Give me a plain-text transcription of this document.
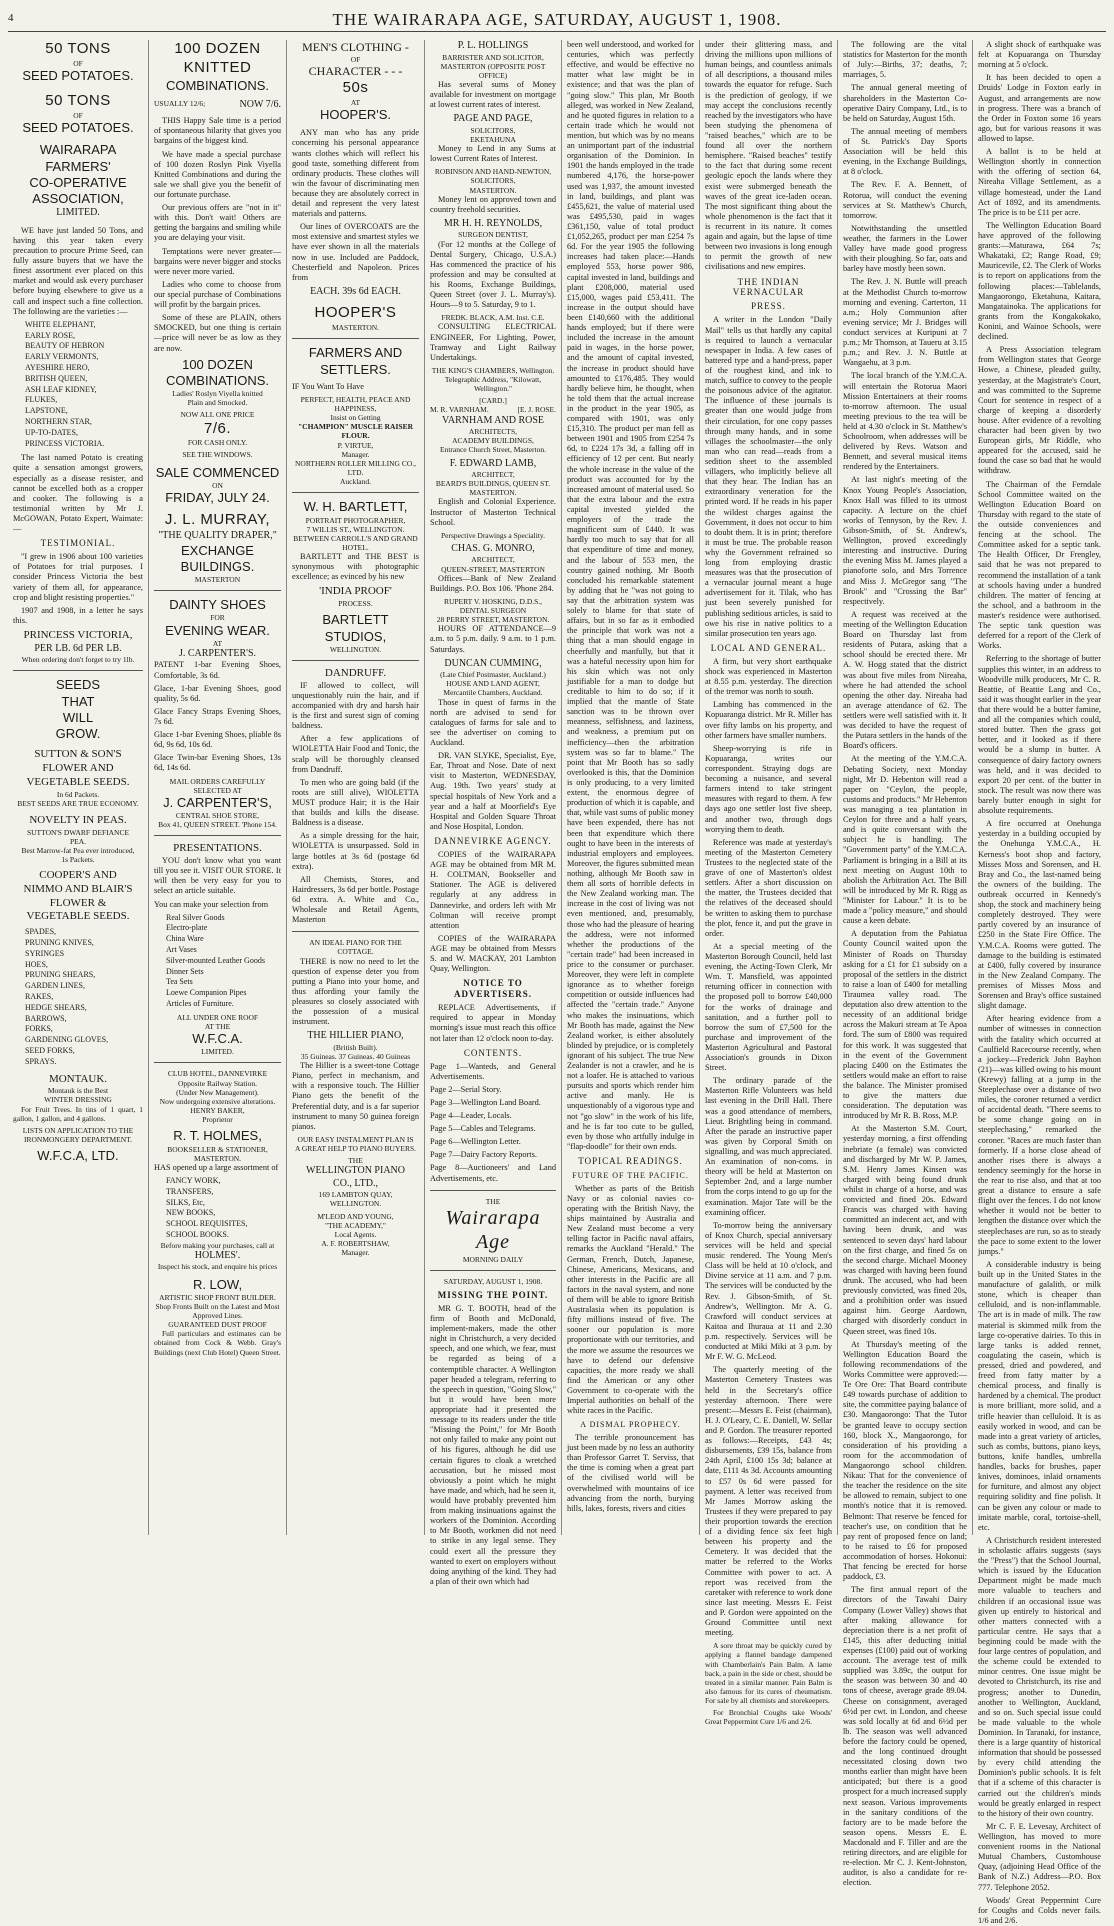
4	THE WAIRARAPA AGE, SATURDAY, AUGUST 1, 1908.
50 TONS
OF
SEED POTATOES.
50 TONS
OF
SEED POTATOES.
WAIRARAPA
FARMERS'
CO-OPERATIVE
ASSOCIATION,
LIMITED.

WE have just landed 50 Tons, and having this year taken every precaution to procure Prime Seed, can fully assure buyers that we have the finest assortment ever placed on this market and would ask every purchaser before buying elsewhere to give us a call and inspect such a fine collection. The following are the varieties :—

WHITE ELEPHANT,
EARLY ROSE,
BEAUTY OF HEBRON
EARLY VERMONTS,
AYESHIRE HERO,
BRITISH QUEEN,
ASH LEAF KIDNEY,
FLUKES,
LAPSTONE,
NORTHERN STAR,
UP-TO-DATES,
PRINCESS VICTORIA.

The last named Potato is creating quite a sensation amongst growers, especially as a disease resister, and cannot be excelled both as a cropper and cooker. The following is a testimonial written by Mr J. McGOWAN, Potato Expert, Waimate:—

TESTIMONIAL.

"I grew in 1906 about 100 varieties of Potatoes for trial purposes. I consider Princess Victoria the best variety of them all, for appearance, crop and blight resisting properties."

1907 and 1908, in a letter he says this.

PRINCESS VICTORIA,
PER LB. 6d PER LB.
When ordering don't forget to try 1lb.
SEEDS
THAT
WILL
GROW.
SUTTON & SON'S
FLOWER AND
VEGETABLE SEEDS.
In 6d Packets.
BEST SEEDS ARE TRUE ECONOMY.
NOVELTY IN PEAS.
SUTTON'S DWARF DEFIANCE
PEA.
Best Marrow-fat Pea ever introduced,
1s Packets.
COOPER'S AND
NIMMO AND BLAIR'S
FLOWER &
VEGETABLE SEEDS.
SPADES,
PRUNING KNIVES,
SYRINGES
HOES,
PRUNING SHEARS,
GARDEN LINES,
RAKES,
HEDGE SHEARS,
BARROWS,
FORKS,
GARDENING GLOVES,
SEED FORKS,
SPRAYS.
MONTAUK.
Montauk is the Best
WINTER DRESSING

For Fruit Trees. In tins of 1 quart, 1 gallon, 1 gallon, and 4 gallons.

LISTS ON APPLICATION TO THE
IRONMONGERY DEPARTMENT.
W.F.C.A, LTD.
100 DOZEN
KNITTED
COMBINATIONS.
USUALLY 12/6;	NOW 7/6.

THIS Happy Sale time is a period of spontaneous hilarity that gives you bargains of the biggest kind.

We have made a special purchase of 100 dozen Roslyn Pink Viyella Knitted Combinations and during the sale we shall give you the benefit of our fortunate purchase.

Our previous offers are "not in it" with this. Don't wait! Others are getting the bargains and smiling while you are delaying your visit.

Temptations were never greater—bargains were never bigger and stocks were never more varied.

Ladies who come to choose from our special purchase of Combinations will profit by the bargain prices.

Some of these are PLAIN, others SMOCKED, but one thing is certain—price will never be as low as they are now.

100 DOZEN
COMBINATIONS.
Ladies' Roslyn Viyella knitted
Plain and Smocked.
NOW ALL ONE PRICE
7/6.
FOR CASH ONLY.
SEE THE WINDOWS.
SALE COMMENCED
ON
FRIDAY, JULY 24.
J. L. MURRAY,
"THE QUALITY DRAPER,"
EXCHANGE
BUILDINGS.
MASTERTON
DAINTY SHOES
FOR
EVENING WEAR.
AT
J. CARPENTER'S.

PATENT 1-bar Evening Shoes, Comfortable, 3s 6d.

Glace, 1-bar Evening Shoes, good quality, 5s 6d.

Glace Fancy Straps Evening Shoes, 7s 6d.

Glace 1-bar Evening Shoes, pliable 8s 6d, 9s 6d, 10s 6d.

Glace Twin-bar Evening Shoes, 13s 6d, 14s 6d.

MAIL ORDERS CAREFULLY
SELECTED AT
J. CARPENTER'S,
CENTRAL SHOE STORE,
Box 41, QUEEN STREET. 'Phone 154.
PRESENTATIONS.

YOU don't know what you want till you see it. VISIT OUR STORE. It will then be very easy for you to select an article suitable.

You can make your selection from

Real Silver Goods
Electro-plate
China Ware
Art Vases
Silver-mounted Leather Goods
Dinner Sets
Tea Sets
Loewe Companion Pipes
Articles of Furniture.
ALL UNDER ONE ROOF
AT THE
W.F.C.A.
LIMITED.
CLUB HOTEL, DANNEVIRKE
Opposite Railway Station.
(Under New Management).
Now undergoing extensive alterations.
HENRY BAKER,
Proprietor
R. T. HOLMES,
BOOKSELLER & STATIONER,
MASTERTON.

HAS opened up a large assortment of

FANCY WORK,
TRANSFERS,
SILKS, Etc,
NEW BOOKS,
SCHOOL REQUISITES,
SCHOOL BOOKS.
Before making your purchases, call at
HOLMES'.
Inspect his stock, and enquire his prices
R. LOW,
ARTISTIC SHOP FRONT BUILDER.
Shop Fronts Built on the Latest and Most Approved Lines.
GUARANTEED DUST PROOF

Full particulars and estimates can be obtained from Cock & Webb. Gray's Buildings (next Club Hotel) Queen Street.

MEN'S CLOTHING -
OF
CHARACTER - - -
50s
AT
HOOPER'S.

ANY man who has any pride concerning his personal appearance wants clothes which will reflect his good taste, something different from ordinary products. These clothes will win the favour of discriminating men because they are absolutely correct in detail and represent the very latest materials and patterns.

Our lines of OVERCOATS are the most extensive and smartest styles we have ever shown in all the materials now in use. Included are Paddock, Chesterfield and Napoleon. Prices from

EACH. 39s 6d EACH.
HOOPER'S
MASTERTON.
FARMERS AND
SETTLERS.

IF You Want To Have

PERFECT, HEALTH, PEACE AND HAPPINESS,
Insist on Getting
"CHAMPION" MUSCLE RAISER FLOUR.
P. VIRTUE,
Manager.
NORTHERN ROLLER MILLING CO., LTD.
Auckland.
W. H. BARTLETT,
PORTRAIT PHOTOGRAPHER,
7 WILLIS ST., WELLINGTON.
BETWEEN CARROLL'S AND GRAND HOTEL.

BARTLETT and THE BEST is synonymous with photographic excellence; as evinced by his new

'INDIA PROOF'
PROCESS.
BARTLETT
STUDIOS,
WELLINGTON.
DANDRUFF.

IF allowed to collect, will unquestionably ruin the hair, and if accompanied with dry and harsh hair is the first and surest sign of coming baldness.

After a few applications of WIOLETTA Hair Food and Tonic, the scalp will be thoroughly cleansed from Dandruff.

To men who are going bald (if the roots are still alive), WIOLETTA MUST produce Hair; it is the Hair that builds and kills the disease. Baldness is a disease.

As a simple dressing for the hair, WIOLETTA is unsurpassed. Sold in large bottles at 3s 6d (postage 6d extra).

All Chemists, Stores, and Hairdressers, 3s 6d per bottle. Postage 6d extra. A. White and Co., Wholesale and Retail Agents, Masterton

AN IDEAL PIANO FOR THE COTTAGE.

THERE is now no need to let the question of expense deter you from putting a Piano into your home, and thus affording your family the pleasures so closely associated with the possession of a musical instrument.

THE HILLIER PIANO,
(British Built).
35 Guineas. 37 Guineas. 40 Guineas

The Hillier is a sweet-tone Cottage Piano, perfect in mechanism, and with a responsive touch. The Hillier Piano gets the benefit of the Preferential duty, and is a far superior instrument to many 50 guinea foreign pianos.

OUR EASY INSTALMENT PLAN IS
A GREAT HELP TO PIANO BUYERS.
THE
WELLINGTON PIANO
CO., LTD.,
169 LAMBTON QUAY,
WELLINGTON.
M'LEOD AND YOUNG,
"THE ACADEMY,"
Local Agents.
A. F. ROBERTSHAW,
Manager.
P. L. HOLLINGS
BARRISTER AND SOLICITOR,
MASTERTON (OPPOSITE POST OFFICE)

Has several sums of Money available for investment on mortgage at lowest current rates of interest.

PAGE AND PAGE,
SOLICITORS,
EKETAHUNA

Money to Lend in any Sums at lowest Current Rates of Interest.

ROBINSON AND HAND-NEWTON,
SOLICITORS,
MASTERTON.

Money lent on approved town and country freehold securities.

MR H. H. REYNOLDS,
SURGEON DENTIST,

(For 12 months at the College of Dental Surgery, Chicago, U.S.A.) Has commenced the practice of his profession and may be consulted at his Rooms, Exchange Buildings, Queen Street (over J. L. Murray's). Hours—9 to 5. Saturday, 9 to 1.

FREDK. BLACK, A.M. Inst. C.E.

CONSULTING ELECTRICAL ENGINEER, For Lighting, Power, Tramway and Light Railway Undertakings.

THE KING'S CHAMBERS, Wellington.
Telegraphic Address, "Kilowatt, Wellington."
[CARD.]
M. R. VARNHAM.	[E. J. ROSE.
VARNHAM AND ROSE
ARCHITECTS,
ACADEMY BUILDINGS,
Entrance Church Street, Masterton.
F. EDWARD LAMB,
ARCHITECT,
BEARD'S BUILDINGS, QUEEN ST.
MASTERTON.

English and Colonial Experience. Instructor of Masterton Technical School.

Perspective Drawings a Speciality.
CHAS. G. MONRO,
ARCHITECT,
QUEEN-STREET, MASTERTON

Offices—Bank of New Zealand Buildings. P.O. Box 106. 'Phone 284.

RUPERT V. HOSKING, D.D.S.,
DENTAL SURGEON
28 PERRY STREET, MASTERTON.

HOURS OF ATTENDANCE—9 a.m. to 5 p.m. daily. 9 a.m. to 1 p.m. Saturdays.

DUNCAN CUMMING,
(Late Chief Postmaster, Auckland.)
HOUSE AND LAND AGENT, Mercantile Chambers, Auckland.

Those in quest of farms in the north are advised to send for catalogues of farms for sale and to see the advertiser on coming to Auckland.

DR. VAN SLYKE, Specialist, Eye, Ear, Throat and Nose. Date of next visit to Masterton, WEDNESDAY, Aug. 19th. Two years' study at special hospitals of New York and a year and a half at Moorfield's Eye Hospital and Golden Square Throat and Nose Hospital, London.

DANNEVIRKE AGENCY.

COPIES of the WAIRARAPA AGE may be obtained from MR M. H. COLTMAN, Bookseller and Stationer. The AGE is delivered regularly at any address in Dannevirke, and orders left with Mr Coltman will receive prompt attention

COPIES of the WAIRARAPA AGE may be obtained from Messrs S. and W. MACKAY, 201 Lambton Quay, Wellington.

NOTICE TO ADVERTISERS.

REPLACE Advertisements, if required to appear in Monday morning's issue must reach this office not later than 12 o'clock noon to-day.

CONTENTS.

Page 1—Wanteds, and General Advertisements.

Page 2—Serial Story.

Page 3—Wellington Land Board.

Page 4—Leader, Locals.

Page 5—Cables and Telegrams.

Page 6—Wellington Letter.

Page 7—Dairy Factory Reports.

Page 8—Auctioneers' and Land Advertisements, etc.

THE
Wairarapa Age
MORNING DAILY
SATURDAY, AUGUST 1, 1908.
MISSING THE POINT.

MR G. T. BOOTH, head of the firm of Booth and McDonald, implement-makers, made the other night in Christchurch, a very decided speech, and one which, we fear, must be regarded as being of a contemptible character. A Wellington paper headed a telegram, referring to the speech in question, "Going Slow," but it would have been more appropriate had it presented the message to its readers under the title "Missing the Point," for Mr Booth not only failed to make any point out of his figures, although he did use certain figures to cloak a wretched accusation, but he missed most obviously a point which he might have made, and which, had he seen it, would have probably prevented him from making insinuations against the workers of the Dominion. According to Mr Booth, workmen did not need to strike in any legal sense. They could exert all the pressure they wanted to exert on employers without doing anything of the kind. They had a plan of their own which had

been well understood, and worked for centuries, which was perfectly effective, and would be effective no matter what law might be in existence; and that was the plan of "going slow." This plan, Mr Booth alleged, was worked in New Zealand, and he quoted figures in relation to a certain trade which he would not mention, but which was by no means an unimportant part of the industrial organisation of the Dominion. In 1901 the hands employed in the trade numbered 4,176, the horse-power used was 1,937, the amount invested in land, buildings, and plant was £455,621, the value of material used was £495,530, paid in wages £361,150, value of total product £1,052,265, product per man £254 7s 6d. For the year 1905 the following increases had taken place:—Hands employed 553, horse power 986, capital invested in land, buildings and plant £208,000, material used £15,000, wages paid £53,411. The increase in the output should have been £140,660 with the additional hands employed; but if there were included the increase in the amount paid in wages, in the horse power, and the amount of capital invested, the increase in product should have amounted to £176,485. They would hardly believe him, he thought, when he told them that the actual increase in the product in the year 1905, as compared with 1901, was only £15,310. The product per man fell as between 1901 and 1905 from £254 7s 6d, to £224 17s 3d, a falling off in efficiency of 12 per cent. But nearly the whole increase in the value of the product was accounted for by the increased amount of material used. So that the extra labour and the extra capital invested yielded the employers of the trade the magnificent sum of £440. It was hardly too much to say that for all that expenditure of time and money, and the labour of 553 men, the country gained nothing. Mr Booth concluded his remarkable statement by adding that he "was not going to say that the arbitration system was solely to blame for that state of affairs, but in so far as it embodied the principle that work was not a thing that a man should engage in cheerfully and manfully, but that it was a hateful necessity upon him for his skin which was not only justifiable for a man to dodge but creditable to him to do so; if it implied that the mantle of State sanction was to be thrown over meanness, selfishness, and laziness, and weakness, a premium put on inefficiency—then the arbitration system was so far to blame." The point that Mr Booth has so sadly overlooked is this, that the Dominion is only producing, to a very limited extent, the enormous degree of production of which it is capable, and that, while vast sums of public money have been expended, there has not been that expenditure which there ought to have been in the interests of industrial employers and employees. Moreover, the figures submitted mean nothing, although Mr Booth saw in them all sorts of horrible defects in the New Zealand working man. The increase in the cost of living was not even mentioned, and, presumably, those who had the pleasure of hearing the address, were not informed whether the productions of the "certain trade" had been increased in price to the consumer or purchaser. Moreover, they were left in complete ignorance as to whether foreign competition or outside influences had affected the "certain trade." Anyone who makes the insinuations, which Mr Booth has made, against the New Zealand worker, is either absolutely blinded by prejudice, or is completely ignorant of his subject. The true New Zealander is not a crawler, and he is not a loafer. He is attached to various pursuits and sports which render him active and manly. He is unquestionably of a vigorous type and not "go slow" in the work of his life, and he is far too cute to be gulled, even by those who artfully indulge in "flap-doodle" for their own ends.

TOPICAL READINGS.
FUTURE OF THE PACIFIC.

Whether as parts of the British Navy or as colonial navies co-operating with the British Navy, the ships maintained by Australia and New Zealand must become a very telling factor in Pacific naval affairs, remarks the Auckland "Herald." The German, French, Dutch, Japanese, Chinese, Americans, Mexicans, and other interests in the Pacific are all factors in the naval system, and none of them will be able to ignore British Australasia when its population is fifty millions instead of five. The sooner our population is more proportionate with our territories, and the more we assume the resources we have to defend our defensive capacities, the more ready we shall find the American or any other Government to co-operate with the Imperial authorities on behalf of the white races in the Pacific.

A DISMAL PROPHECY.

The terrible pronouncement has just been made by no less an authority than Professor Garret T. Serviss, that the time is coming when a great part of the civilised world will be overwhelmed with mountains of ice advancing from the north, burying hills, lakes, forests, rivers and cities

under their glittering mass, and driving the millions upon millions of human beings, and countless animals of all descriptions, a thousand miles towards the equator for refuge. Such is the prediction of geology, if we may accept the conclusions recently reached by the investigators who have been studying the phenomena of "raised beaches," which are to be found all over the northern hemisphere. "Raised beaches" testify to the fact that during some recent geologic epoch the lands where they exist were submerged beneath the waves of the great ice-laden ocean. The most significant thing about the whole phenomenon is the fact that it is recurrent in its nature. It comes again and again, but the lapse of time between two invasions is long enough to permit the growth of new civilisations and new empires.

THE INDIAN VERNACULAR
PRESS.

A writer in the London "Daily Mail" tells us that hardly any capital is required to launch a vernacular newspaper in India. A few cases of battered type and a hand-press, paper of the roughest kind, and ink to match, suffice to convey to the people the poisonous advice of the agitator. The influence of these journals is greater than one would judge from their circulation, for one copy passes through many hands, and in some villages the schoolmaster—the only man who can read—reads from a sedition sheet to the assembled villagers, who implicitly believe all that they hear. The Indian has an extraordinary veneration for the printed word. If he reads in his paper the wildest charges against the Government, it does not occur to him to doubt them. It is in print; therefore it must be true. The probable reason why the Government refrained so long from employing drastic measures was that the prosecution of a vernacular journal meant a huge advertisement for it. Tilak, who has just been severely punished for publishing seditious articles, is said to owe his rise in native politics to a similar prosecution ten years ago.

LOCAL AND GENERAL.

A firm, but very short earthquake shock was experienced in Masterton at 8.55 p.m. yesterday. The direction of the tremor was north to south.

Lambing has commenced in the Kopuaranga district. Mr R. Miller has over fifty lambs on his property, and other farmers have smaller numbers.

Sheep-worrying is rife in Kopuaranga, writes our correspondent. Straying dogs are becoming a nuisance, and several farmers intend to take stringent measures with regard to them. A few days ago one settler lost five sheep, and another two, through dogs worrying them to death.

Reference was made at yesterday's meeting of the Masterton Cemetery Trustees to the neglected state of the grave of one of Masterton's oldest settlers. After a short discussion on the matter, the Trustees decided that the relatives of the deceased should be written to asking them to purchase the plot, fence it, and put the grave in order.

At a special meeting of the Masterton Borough Council, held last evening, the Acting-Town Clerk, Mr Wm. T. Mansfield, was appointed returning officer in connection with the proposed poll to borrow £40,000 for the works of drainage and sanitation, and a further poll to borrow the sum of £7,500 for the purchase and improvement of the Masterton Agricultural and Pastoral Association's grounds in Dixon Street.

The ordinary parade of the Masterton Rifle Volunteers was held last evening in the Drill Hall. There was a good attendance of members, Lieut. Brightling being in command. After the parade an instructive paper was given by Corporal Smith on signalling, and was much appreciated. An examination of non-coms. in theory will be held at Masterton on September 2nd, and a large number from the corps intend to go up for the examination. Major Tate will be the examining officer.

To-morrow being the anniversary of Knox Church, special anniversary services will be held and special music rendered. The Young Men's Class will be held at 10 o'clock, and Divine service at 11 a.m. and 7 p.m. The services will be conducted by the Rev. J. Gibson-Smith, of St. Andrew's, Wellington. Mr A. G. Crawford will conduct services at Kaitoa and Ihuraua at 11 and 2.30 p.m. respectively. Services will be conducted at Miki Miki at 3 p.m. by Mr F. W. G. McLeod.

The quarterly meeting of the Masterton Cemetery Trustees was held in the Secretary's office yesterday afternoon. There were present:—Messrs E. Feist (chairman), H. J. O'Leary, C. E. Daniell, W. Sellar and P. Gordon. The treasurer reported as follows:—Receipts, £43 4s; disbursements, £39 15s, balance from 24th April, £100 15s 3d; balance at date, £111 4s 3d. Accounts amounting to £57 0s 6d were passed for payment. A letter was received from Mr James Morrow asking the Trustees if they were prepared to pay their proportion towards the erection of a dividing fence six feet high between his property and the Cemetery. It was decided that the matter be referred to the Works Committee with power to act. A report was received from the caretaker with reference to work done since last meeting. Messrs E. Feist and P. Gordon were appointed on the Ground Committee until next meeting.

A sore throat may be quickly cured by applying a flannel bandage dampened with Chamberlain's Pain Balm. A lame back, a pain in the side or chest, should be treated in a similar manner. Pain Balm is also famous for its cures of rheumatism. For sale by all chemists and storekeepers.

For Bronchial Coughs take Woods' Great Peppermint Cure 1/6 and 2/6.

The following are the vital statistics for Masterton for the month of July:—Births, 37; deaths, 7; marriages, 5.

The annual general meeting of shareholders in the Masterton Co-operative Dairy Company, Ltd., is to be held on Saturday, August 15th.

The annual meeting of members of St. Patrick's Day Sports Association will be held this evening, in the Exchange Buildings, at 8 o'clock.

The Rev. F. A. Bennett, of Rotorua, will conduct the evening services at St. Matthew's Church, tomorrow.

Notwithstanding the unsettled weather, the farmers in the Lower Valley have made good progress with their ploughing. So far, oats and barley have mostly been sown.

The Rev. J. N. Buttle will preach at the Methodist Church to-morrow morning and evening. Carterton, 11 a.m.; Holy Communion after evening service; Mr J. Bridges will conduct services at Kuripuni at 7 p.m.; Mr Thomson, at Taueru at 3.15 p.m.; and Rev. J. N. Buttle at Wangaehu, at 3 p.m.

The local branch of the Y.M.C.A. will entertain the Rotorua Maori Mission Entertainers at their rooms to-morrow afternoon. The usual meeting previous to the tea will be held at 4.30 o'clock in St. Matthew's Schoolroom, when addresses will be delivered by Revs. Watson and Bennett, and several musical items rendered by the Entertainers.

At last night's meeting of the Knox Young People's Association, Knox Hall was filled to its utmost capacity. A lecture on the chief works of Tennyson, by the Rev. J. Gibson-Smith, of St. Andrew's, Wellington, proved exceedingly interesting and instructive. During the evening Miss M. James played a pianoforte solo, and Mrs Torrence and Miss J. McGregor sang "The Brook" and "Crossing the Bar" respectively.

A request was received at the meeting of the Wellington Education Board on Thursday last from residents of Putara, asking that a school should be erected there. Mr A. W. Hogg stated that the district was about five miles from Nireaha, where he had attended the school opening the other day. Nireaha had an average attendance of 62. The settlers were well satisfied with it. It was decided to have the request of the Putara settlers in the hands of the Board's officers.

At the meeting of the Y.M.C.A. Debating Society, next Monday night, Mr D. Hebenton will read a paper on "Ceylon, the people, customs and products." Mr Hebenton was managing a tea plantation in Ceylon for three and a half years, and is quite conversant with the subject he is handling. The "Government party" of the Y.M.C.A. Parliament is bringing in a Bill at its next meeting on August 10th to abolish the Arbitration Act. The Bill will be introduced by Mr R. Rigg as "Minister for Labour." It is to be made a "policy measure," and should cause a keen debate.

A deputation from the Pahiatua County Council waited upon the Minister of Roads on Thursday asking for a £1 for £1 subsidy on a proposal of the settlers in the district to raise a loan of £400 for metalling Tiraumea valley road. The deputation also drew attention to the necessity of an additional bridge across the Makuri stream at Te Apoa ford. The sum of £800 was required for this work. It was suggested that in the event of the Government placing £400 on the Estimates the settlers would make an effort to raise the balance. The Minister promised to give the matters due consideration. The deputation was introduced by Mr R. B. Ross, M.P.

At the Masterton S.M. Court, yesterday morning, a first offending inebriate (a female) was convicted and discharged by Mr W. P. James, S.M. Henry James Kinsen was charged with being found drunk whilst in charge of a horse, and was convicted and fined 20s. Edward Francis was charged with having committed an indecent act, and with having been drunk, and was sentenced to seven days' hard labour on the first charge, and fined 5s on the second charge. Michael Mooney was charged with having been found drunk. The accused, who had been previously convicted, was fined 20s, and a prohibition order was issued against him. George Aardown, charged with disorderly conduct in Queen street, was fined 10s.

At Thursday's meeting of the Wellington Education Board the following recommendations of the Works Committee were approved:—Te Ore Ore: That Board contribute £49 towards purchase of addition to site, the committee paying balance of £30. Mangaorongo: That the Tutor be granted leave to occupy section 160, block X., Mangaorongo, for consideration of his providing a room for the accommodation of Mangaorongo school children. Nikau: That for the convenience of the teacher the residence on the site be allowed to remain, subject to one month's notice that it is removed. Belmont: That reserve be fenced for teacher's use, on condition that he pay rent of proposed fence on land; to be raised to £6 for proposed accommodation of horses. Hokonui: That fencing be erected for horse paddock, £3.

The first annual report of the directors of the Tawahi Dairy Company (Lower Valley) shows that after making allowance for depreciation there is a net profit of £145, this after deducting initial expenses (£100) paid out of working account. The average test of milk supplied was 3.89c, the output for the season was between 30 and 40 tons of cheese, average grade 89.04. Cheese on consignment, averaged 6½d per cwt. in London, and cheese was sold locally at 6d and 6½d per lb. The season was well advanced before the factory could be opened, and the long continued drought necessitated closing down two months earlier than might have been anticipated; but there is a good prospect for a much increased supply next season. Various improvements in the sanitary conditions of the factory are to be made before the season opens. Messrs E. E. Macdonald and F. Tiller and are the retiring directors, and are eligible for re-election. Mr C. J. Kent-Johnston, auditor, is also a candidate for re-election.

A slight shock of earthquake was felt at Kopuaranga on Thursday morning at 5 o'clock.

It has been decided to open a Druids' Lodge in Foxton early in August, and arrangements are now in progress. There was a branch of the Order in Foxton some 16 years ago, but for various reasons it was allowed to lapse.

A ballot is to be held at Wellington shortly in connection with the offering of section 64, Nireaha Village Settlement, as a village homestead, under the Land Act of 1892, and its amendments. The price is to be £11 per acre.

The Wellington Education Board have approved of the following grants:—Maturawa, £64 7s; Whakataki, £2; Range Road, £9; Mauricevile, £2. The Clerk of Works is to report on applications from the following places:—Tablelands, Mangaorongo, Eketahuna, Kaitara, Mangatainoka. The applications for grants from the Kongakokako, Konini, and Wainoe Schools, were declined.

A Press Association telegram from Wellington states that George Howe, a Chinese, pleaded guilty, yesterday, at the Magistrate's Court, and was committed to the Supreme Court for sentence in respect of a charge of keeping a disorderly house. After evidence of a revolting character had been given by two European girls, Mr Riddle, who appeared for the accused, said he found the case so bad that he would withdraw.

The Chairman of the Ferndale School Committee waited on the Wellington Education Board on Thursday with regard to the state of the outside conveniences and fencing at the school. The Committee asked for a septic tank. The Health Officer, Dr Frengley, said that he was not prepared to recommend the installation of a tank at schools having under a hundred children. The matter of fencing at the school, and a bathroom in the master's residence were authorised. The septic tank question was deferred for a report of the Clerk of Works.

Referring to the shortage of butter supplies this winter, in an address to Woodville milk producers, Mr C. R. Beattie, of Beattie Lang and Co., said it was thought earlier in the year that there would be a butter famine, and all the companies which could, stored butter. Then the grass got better, and it looked as if there would be a slump in butter. A consequence of dairy factory owners was held, and it was decided to export 20 per cent. of the butter in stock. The result was now there was barely butter enough in sight for absolute requirements.

A fire occurred at Onehunga yesterday in a building occupied by the Onehunga Y.M.C.A., H. Kerness's boot shop and factory, Misses Moss and Sorensen, and H. Bray and Co., the last-named being the owners of the building. The outbreak occurred in Kennedy's shop, the stock and machinery being completely destroyed. They were partly covered by an insurance of £250 in the State Fire Office. The Y.M.C.A. Rooms were gutted. The damage to the building is estimated at £400, fully covered by insurance in the New Zealand Company. The premises of Misses Moss and Sorensen and Bray's office sustained slight damage.

After hearing evidence from a number of witnesses in connection with the fatality which occurred at Caulfield Racecourse recently, when a jockey—Frederick John Bayhon (21)—was killed owing to his mount (Krewy) falling at a jump in the Steeplechase over a distance of two miles, the coroner returned a verdict of accidental death. "There seems to be some change going on in steeplechasing," remarked the coroner. "Races are much faster than formerly. If a horse close ahead of another rises there is always a tendency seemingly for the horse in the rear to rise also, and that at too great a distance to ensure a safe flight over the fences. I do not know whether it would not be better to lengthen the distance over which the steeplechases are run, so as to steady the pace to some extent to the lower jumps."

A considerable industry is being built up in the United States in the manufacture of galalith, or milk stone, which is cheaper than celluloid, and is non-inflammable. The art is in made of milk. The raw material is skimmed milk from the large co-operative dairies. To this in large tanks is added rennet, coagulating the casein, which is pressed, dried and powdered, and freed from fatty matter by a chemical process, and finally is hardened by a chemical. The product is more brilliant, more solid, and a trifle heavier than celluloid. It is as easily worked in wood, and can be made into a great variety of articles, such as combs, buttons, piano keys, buttons, knife handles, umbrella handles, backs for brushes, paper knives, dominoes, inlaid ornaments for furniture, and almost any object requiring solidity and fine polish. It can be given any colour or made to imitate marble, coral, tortoise-shell, etc.

A Christchurch resident interested in scholastic affairs suggests (says the "Press") that the School Journal, which is issued by the Education Department might be made much more valuable to teachers and children if an occasional issue was given up entirely to historical and other matters connected with a particular centre. He says that a beginning could be made with the four large centres of population, and the scheme could be extended to minor centres. One issue might be devoted to Christchurch, its rise and progress; another to Dunedin, another to Wellington, Auckland, and so on. Such special issue could be made valuable to the whole Dominion. In Taranaki, for instance, there is a large quantity of historical information that should be possessed by every child attending the Dominion's public schools. It is felt that if a scheme of this character is carried out the children's minds would be greatly enlarged in respect to the history of their own country.

Mr C. F. E. Levesay, Architect of Wellington, has moved to more convenient rooms in the National Mutual Chambers, Customhouse Quay, (adjoining Head Office of the Bank of N.Z.) Address—P.O. Box 777. Telephone 2052.

Woods' Great Peppermint Cure for Coughs and Colds never fails. 1/6 and 2/6.
